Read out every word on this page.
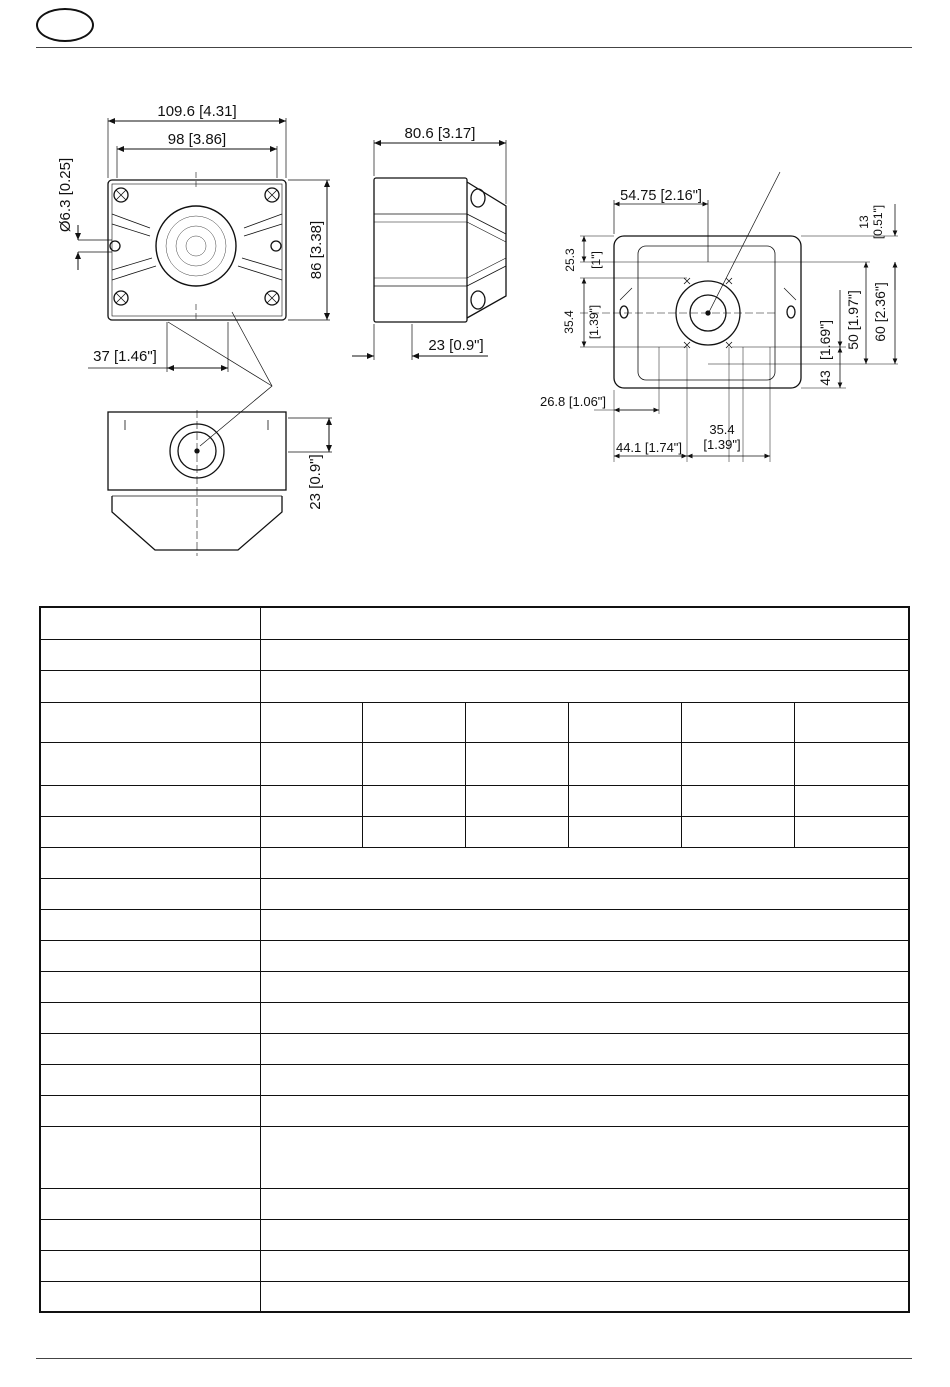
109.6 [4.31]
98 [3.86]
Ø6.3 [0.25]
86 [3.38]
37 [1.46"]
80.6 [3.17]
23 [0.9"]
23 [0.9"]
54.75 [2.16"]
13 [0.51"]
25.3 [1"]
35.4 [1.39"]	50 [1.97"] 60 [2.36"]
[1.69"]
43
26.8 [1.06"]
44.1 [1.74"]
35.4
[1.39"]
